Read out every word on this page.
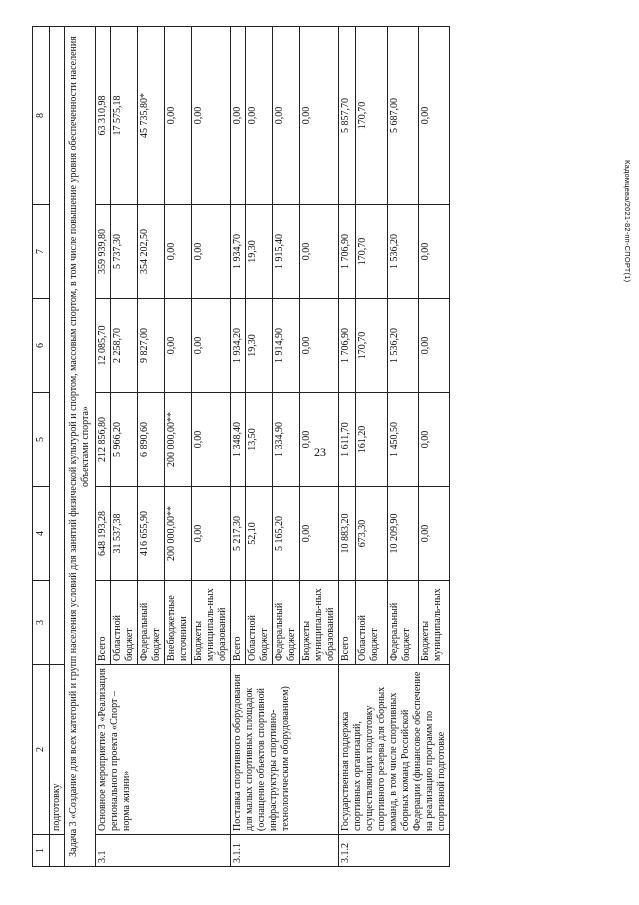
23
Кадомцева/2021-82-пп-СПОРТ(1)
1	2	3	4	5	6	7	8
	подготовку						
Задача 3 «Создание для всех категорий и групп населения условий для занятий физической культурой и спортом, массовым спортом, в том числе повышение уровня обеспеченности населения объектами спорта»							
3.1	Основное мероприятие 3 «Реализация регионального проекта «Спорт – норма жизни»	Всего	648 193,28	212 856,80	12 085,70	359 939,80	63 310,98
		Областной бюджет	31 537,38	5 966,20	2 258,70	5 737,30	17 575,18
		Федеральный бюджет	416 655,90	6 890,60	9 827,00	354 202,50	45 735,80*
		Внебюджетные источники	200 000,00**	200 000,00**	0,00	0,00	0,00
		Бюджеты муниципаль-ных образований	0,00	0,00	0,00	0,00	0,00
3.1.1	Поставка спортивного оборудования для малых спортивных площадок (оснащение объектов спортивной инфраструктуры спортивно-технологическим оборудованием)	Всего	5 217,30	1 348,40	1 934,20	1 934,70	0,00
		Областной бюджет	52,10	13,50	19,30	19,30	0,00
		Федеральный бюджет	5 165,20	1 334,90	1 914,90	1 915,40	0,00
		Бюджеты муниципаль-ных образований	0,00	0,00	0,00	0,00	0,00
3.1.2	Государственная поддержка спортивных организаций, осуществляющих подготовку спортивного резерва для сборных команд, в том числе спортивных сборных команд Российской Федерации (финансовое обеспечение на реализацию программ по спортивной подготовке	Всего	10 883,20	1 611,70	1 706,90	1 706,90	5 857,70
		Областной бюджет	673,30	161,20	170,70	170,70	170,70
		Федеральный бюджет	10 209,90	1 450,50	1 536,20	1 536,20	5 687,00
		Бюджеты муниципаль-ных	0,00	0,00	0,00	0,00	0,00
